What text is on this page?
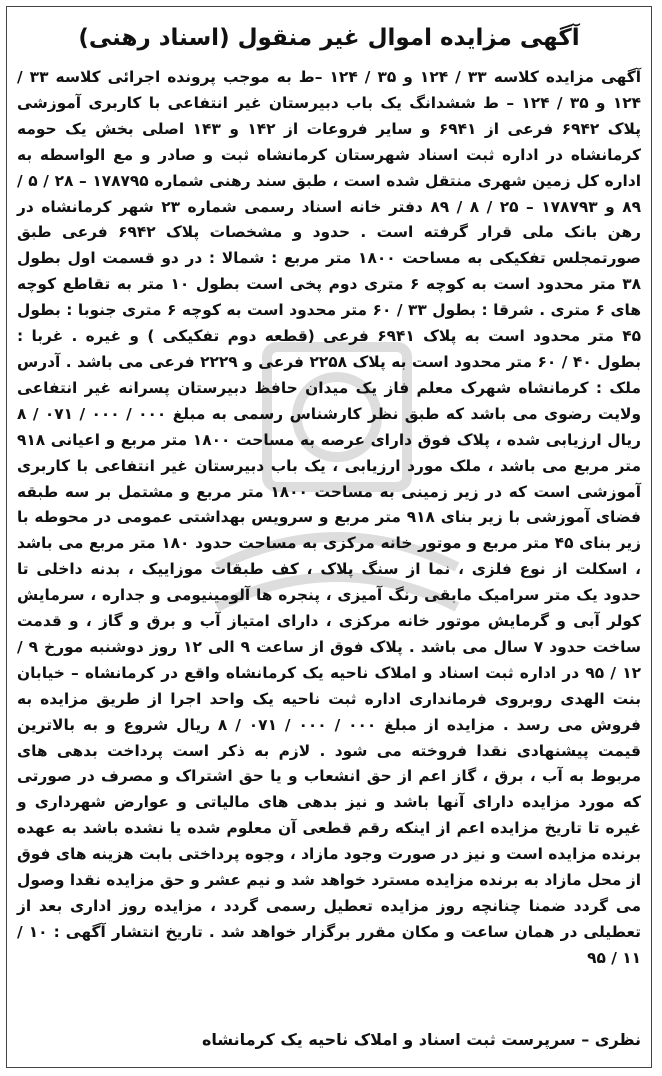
آگهی مزایده اموال غیر منقول (اسناد رهنی)

آگهی مزایده کلاسه ۳۳ / ۱۲۴ و ۳۵ / ۱۲۴ –ط به موجب پرونده اجرائی کلاسه ۳۳ / ۱۲۴ و ۳۵ / ۱۲۴ – ط ششدانگ یک باب دبیرستان غیر انتفاعی با کاربری آموزشی پلاک ۶۹۴۲ فرعی از ۶۹۴۱ و سایر فروعات از ۱۴۲ و ۱۴۳ اصلی بخش یک حومه کرمانشاه در اداره ثبت اسناد شهرستان کرمانشاه ثبت و صادر و مع الواسطه به اداره کل زمین شهری منتقل شده است ، طبق سند رهنی شماره ۱۷۸۷۹۵ – ۲۸ / ۵ / ۸۹ و ۱۷۸۷۹۳ – ۲۵ / ۸ / ۸۹ دفتر خانه اسناد رسمی شماره ۲۳ شهر کرمانشاه در رهن بانک ملی قرار گرفته است . حدود و مشخصات پلاک ۶۹۴۲ فرعی طبق صورتمجلس تفکیکی به مساحت ۱۸۰۰ متر مربع : شمالا : در دو قسمت اول بطول ۳۸ متر محدود است به کوچه ۶ متری دوم پخی است بطول ۱۰ متر به تقاطع کوچه های ۶ متری . شرقا : بطول ۳۳ / ۶۰ متر محدود است به کوچه ۶ متری جنوبا : بطول ۴۵ متر محدود است به پلاک ۶۹۴۱ فرعی (قطعه دوم تفکیکی ) و غیره . غربا : بطول ۴۰ / ۶۰ متر محدود است به پلاک ۲۲۵۸ فرعی و ۲۲۲۹ فرعی می باشد . آدرس ملک : کرمانشاه شهرک معلم فاز یک میدان حافظ دبیرستان پسرانه غیر انتفاعی ولایت رضوی می باشد که طبق نظر کارشناس رسمی به مبلغ ۰۰۰ / ۰۰۰ / ۰۷۱ / ۸ ریال ارزیابی شده ، پلاک فوق دارای عرصه به مساحت ۱۸۰۰ متر مربع و اعیانی ۹۱۸ متر مربع می باشد ، ملک مورد ارزیابی ، یک باب دبیرستان غیر انتفاعی با کاربری آموزشی است که در زیر زمینی به مساحت ۱۸۰۰ متر مربع و مشتمل بر سه طبقه فضای آموزشی با زیر بنای ۹۱۸ متر مربع و سرویس بهداشتی عمومی در محوطه با زیر بنای ۴۵ متر مربع و موتور خانه مرکزی به مساحت حدود ۱۸۰ متر مربع می باشد ، اسکلت از نوع فلزی ، نما از سنگ پلاک ، کف طبقات موزاییک ، بدنه داخلی تا حدود یک متر سرامیک مابقی رنگ آمیزی ، پنجره ها آلومینیومی و جداره ، سرمایش کولر آبی و گرمایش موتور خانه مرکزی ، دارای امتیاز آب و برق و گاز ، و قدمت ساخت حدود ۷ سال می باشد . پلاک فوق از ساعت ۹ الی ۱۲ روز دوشنبه مورخ ۹ / ۱۲ / ۹۵ در اداره ثبت اسناد و املاک ناحیه یک کرمانشاه واقع در کرمانشاه – خیابان بنت الهدی روبروی فرمانداری اداره ثبت ناحیه یک واحد اجرا از طریق مزایده به فروش می رسد . مزایده از مبلغ ۰۰۰ / ۰۰۰ / ۰۷۱ / ۸ ریال شروع و به بالاترین قیمت پیشنهادی نقدا فروخته می شود . لازم به ذکر است پرداخت بدهی های مربوط به آب ، برق ، گاز اعم از حق انشعاب و یا حق اشتراک و مصرف در صورتی که مورد مزایده دارای آنها باشد و نیز بدهی های مالیاتی و عوارض شهرداری و غیره تا تاریخ مزایده اعم از اینکه رقم قطعی آن معلوم شده یا نشده باشد به عهده برنده مزایده است و نیز در صورت وجود مازاد ، وجوه پرداختی بابت هزینه های فوق از محل مازاد به برنده مزایده مسترد خواهد شد و نیم عشر و حق مزایده نقدا وصول می گردد ضمنا چنانچه روز مزایده تعطیل رسمی گردد ، مزایده روز اداری بعد از تعطیلی در همان ساعت و مکان مقرر برگزار خواهد شد . تاریخ انتشار آگهی : ۱۰ / ۱۱ / ۹۵

نظری – سرپرست ثبت اسناد و املاک ناحیه یک کرمانشاه
